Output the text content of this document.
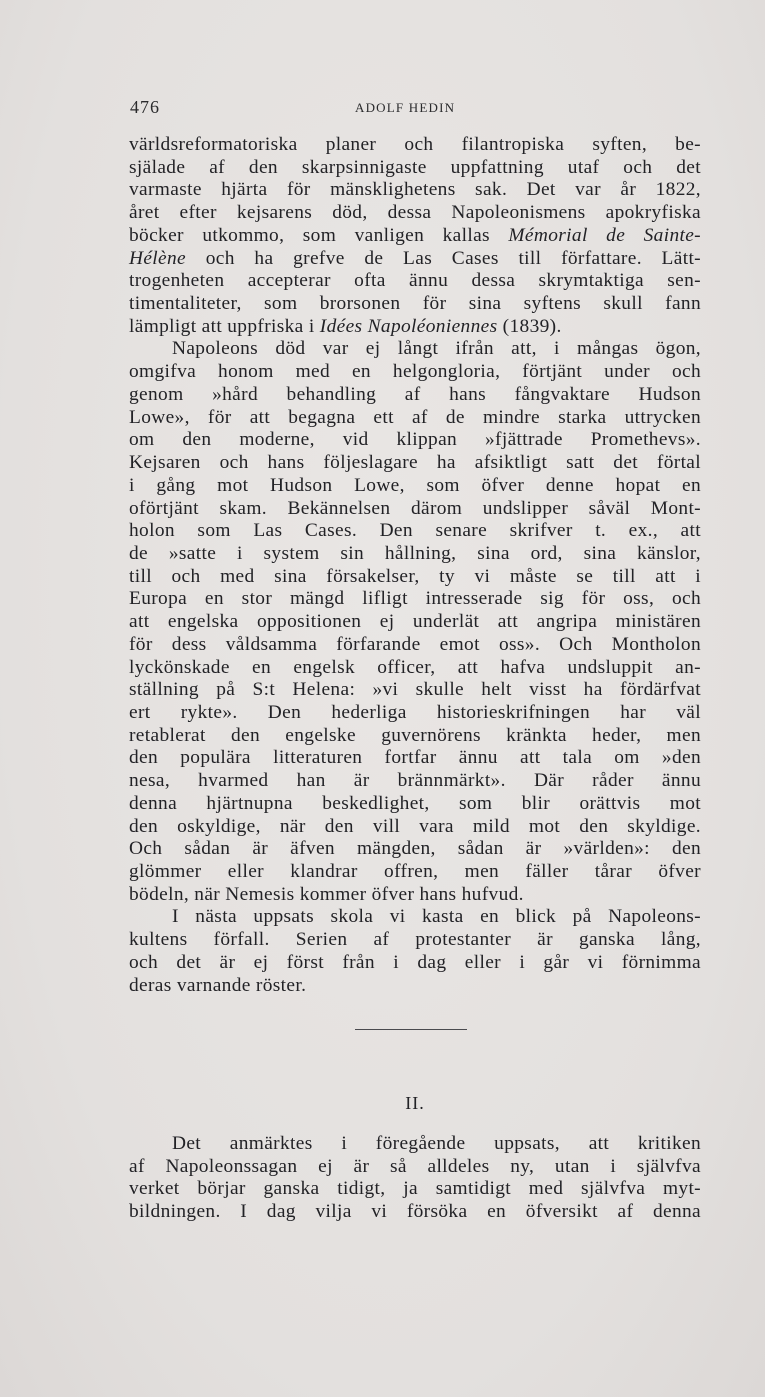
476	ADOLF HEDIN
världsreformatoriska planer och filantropiska syften, be-
själade af den skarpsinnigaste uppfattning utaf och det
varmaste hjärta för mänsklighetens sak. Det var år 1822,
året efter kejsarens död, dessa Napoleonismens apokryfiska
böcker utkommo, som vanligen kallas Mémorial de Sainte-
Hélène och ha grefve de Las Cases till författare. Lätt-
trogenheten accepterar ofta ännu dessa skrymtaktiga sen-
timentaliteter, som brorsonen för sina syftens skull fann
lämpligt att uppfriska i Idées Napoléoniennes (1839).
Napoleons död var ej långt ifrån att, i mångas ögon,
omgifva honom med en helgongloria, förtjänt under och
genom »hård behandling af hans fångvaktare Hudson
Lowe», för att begagna ett af de mindre starka uttrycken
om den moderne, vid klippan »fjättrade Promethevs».
Kejsaren och hans följeslagare ha afsiktligt satt det förtal
i gång mot Hudson Lowe, som öfver denne hopat en
oförtjänt skam. Bekännelsen därom undslipper såväl Mont-
holon som Las Cases. Den senare skrifver t. ex., att
de »satte i system sin hållning, sina ord, sina känslor,
till och med sina försakelser, ty vi måste se till att i
Europa en stor mängd lifligt intresserade sig för oss, och
att engelska oppositionen ej underlät att angripa ministären
för dess våldsamma förfarande emot oss». Och Montholon
lyckönskade en engelsk officer, att hafva undsluppit an-
ställning på S:t Helena: »vi skulle helt visst ha fördärfvat
ert rykte». Den hederliga historieskrifningen har väl
retablerat den engelske guvernörens kränkta heder, men
den populära litteraturen fortfar ännu att tala om »den
nesa, hvarmed han är brännmärkt». Där råder ännu
denna hjärtnupna beskedlighet, som blir orättvis mot
den oskyldige, när den vill vara mild mot den skyldige.
Och sådan är äfven mängden, sådan är »världen»: den
glömmer eller klandrar offren, men fäller tårar öfver
bödeln, när Nemesis kommer öfver hans hufvud.
I nästa uppsats skola vi kasta en blick på Napoleons-
kultens förfall. Serien af protestanter är ganska lång,
och det är ej först från i dag eller i går vi förnimma
deras varnande röster.
II.
Det anmärktes i föregående uppsats, att kritiken
af Napoleonssagan ej är så alldeles ny, utan i självfva
verket börjar ganska tidigt, ja samtidigt med självfva myt-
bildningen. I dag vilja vi försöka en öfversikt af denna
